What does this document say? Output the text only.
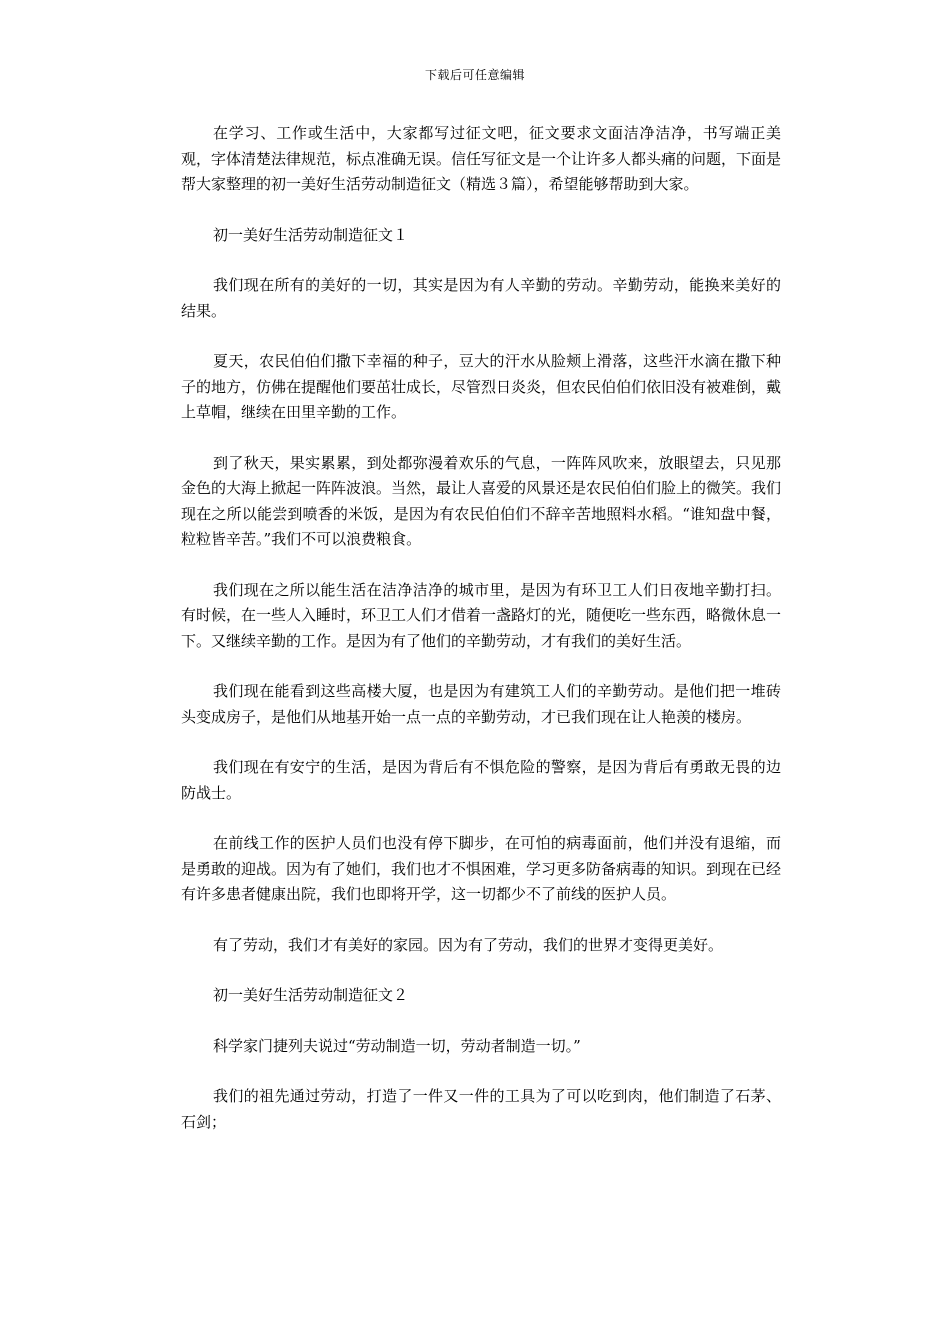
下载后可任意编辑

在学习、工作或生活中，大家都写过征文吧，征文要求文面洁净洁净，书写端正美观，字体清楚法律规范，标点准确无误。信任写征文是一个让许多人都头痛的问题，下面是帮大家整理的初一美好生活劳动制造征文（精选３篇），希望能够帮助到大家。

初一美好生活劳动制造征文１

我们现在所有的美好的一切，其实是因为有人辛勤的劳动。辛勤劳动，能换来美好的结果。

夏天，农民伯伯们撒下幸福的种子，豆大的汗水从脸颊上滑落，这些汗水滴在撒下种子的地方，仿佛在提醒他们要茁壮成长，尽管烈日炎炎，但农民伯伯们依旧没有被难倒，戴上草帽，继续在田里辛勤的工作。

到了秋天，果实累累，到处都弥漫着欢乐的气息，一阵阵风吹来，放眼望去，只见那金色的大海上掀起一阵阵波浪。当然，最让人喜爱的风景还是农民伯伯们脸上的微笑。我们现在之所以能尝到喷香的米饭，是因为有农民伯伯们不辞辛苦地照料水稻。“谁知盘中餐，粒粒皆辛苦。”我们不可以浪费粮食。

我们现在之所以能生活在洁净洁净的城市里，是因为有环卫工人们日夜地辛勤打扫。有时候，在一些人入睡时，环卫工人们才借着一盏路灯的光，随便吃一些东西，略微休息一下。又继续辛勤的工作。是因为有了他们的辛勤劳动，才有我们的美好生活。

我们现在能看到这些高楼大厦，也是因为有建筑工人们的辛勤劳动。是他们把一堆砖头变成房子，是他们从地基开始一点一点的辛勤劳动，才已我们现在让人艳羡的楼房。

我们现在有安宁的生活，是因为背后有不惧危险的警察，是因为背后有勇敢无畏的边防战士。

在前线工作的医护人员们也没有停下脚步，在可怕的病毒面前，他们并没有退缩，而是勇敢的迎战。因为有了她们，我们也才不惧困难，学习更多防备病毒的知识。到现在已经有许多患者健康出院，我们也即将开学，这一切都少不了前线的医护人员。

有了劳动，我们才有美好的家园。因为有了劳动，我们的世界才变得更美好。

初一美好生活劳动制造征文２

科学家门捷列夫说过“劳动制造一切，劳动者制造一切。”

我们的祖先通过劳动，打造了一件又一件的工具为了可以吃到肉，他们制造了石茅、石剑；
